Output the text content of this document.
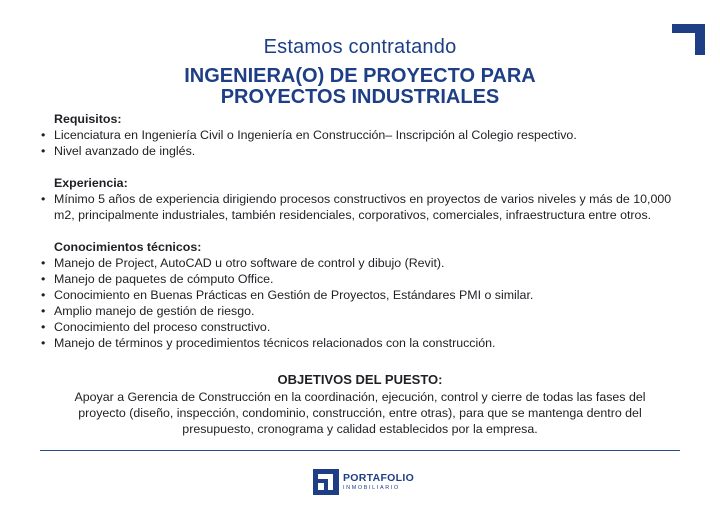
Estamos contratando
INGENIERA(O) DE PROYECTO PARA
PROYECTOS INDUSTRIALES

Requisitos:

• Licenciatura en Ingeniería Civil o Ingeniería en Construcción– Inscripción al Colegio respectivo.
• Nivel avanzado de inglés.

Experiencia:

• Mínimo 5 años de experiencia dirigiendo procesos constructivos en proyectos de varios niveles y más de 10,000 m2, principalmente industriales, también residenciales, corporativos, comerciales, infraestructura entre otros.

Conocimientos técnicos:

• Manejo de Project, AutoCAD u otro software de control y dibujo (Revit).
• Manejo de paquetes de cómputo Office.
• Conocimiento en Buenas Prácticas en Gestión de Proyectos, Estándares PMI o similar.
• Amplio manejo de gestión de riesgo.
• Conocimiento del proceso constructivo.
• Manejo de términos y procedimientos técnicos relacionados con la construcción.
OBJETIVOS DEL PUESTO:
Apoyar a Gerencia de Construcción en la coordinación, ejecución, control y cierre de todas las fases del proyecto (diseño, inspección, condominio, construcción, entre otras), para que se mantenga dentro del presupuesto, cronograma y calidad establecidos por la empresa.
PORTAFOLIO
INMOBILIARIO
